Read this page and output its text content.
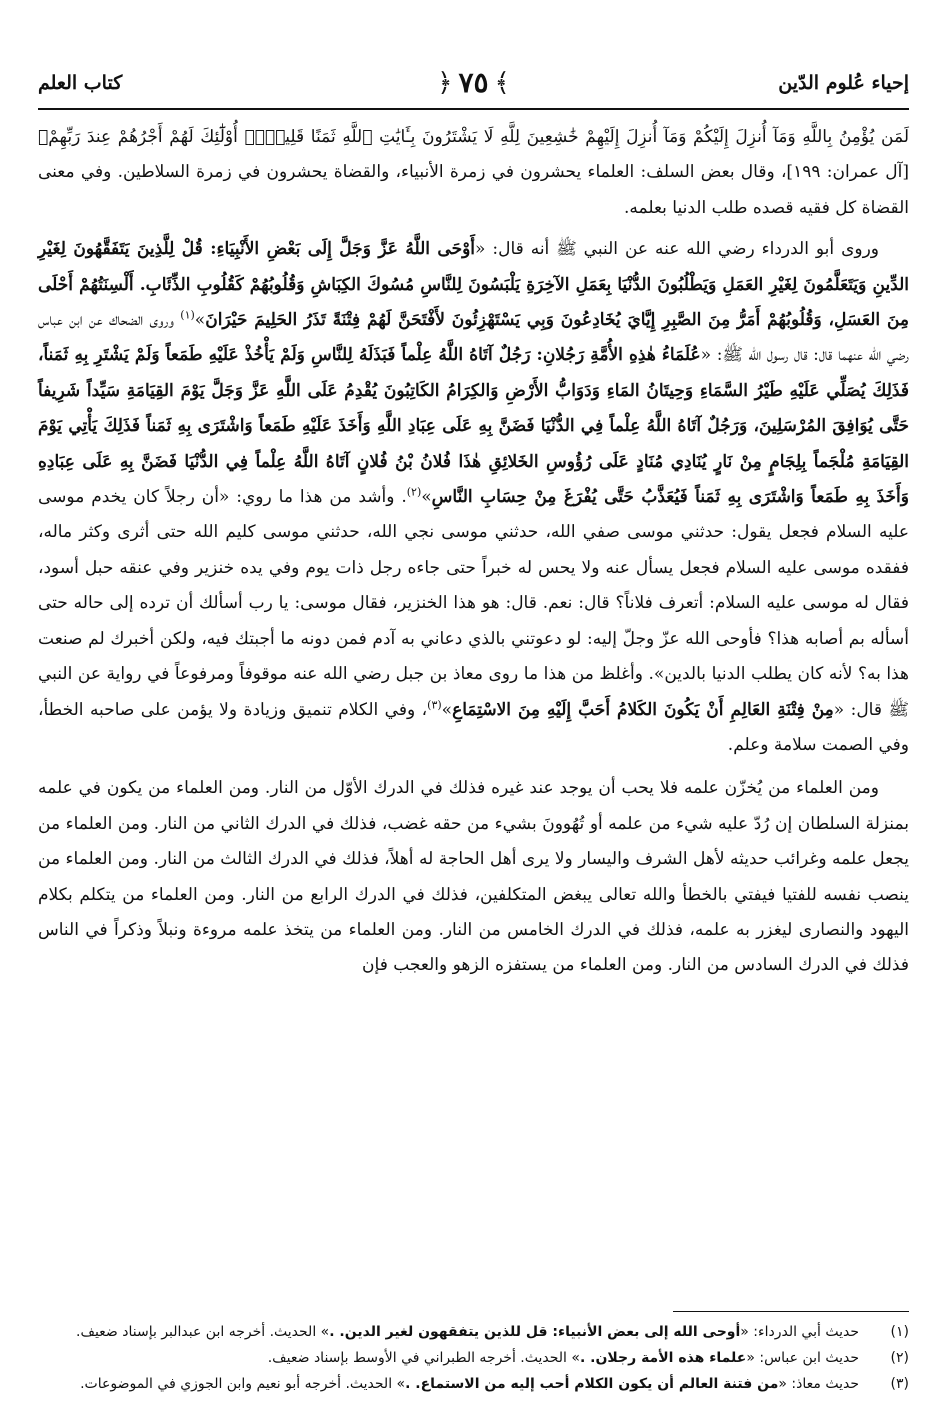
إحياء عُلوم الدّين
﴾
٧٥
﴿
كتاب العلم

لَمَن يُؤْمِنُ بِاللَّهِ وَمَآ أُنزِلَ إِلَيْكُمْ وَمَآ أُنزِلَ إِلَيْهِمْ خَٰشِعِينَ لِلَّهِ لَا يَشْتَرُونَ بِـَٔايَٰتِ ٱللَّهِ ثَمَنًا قَلِيلًاۗ أُوْلَٰٓئِكَ لَهُمْ أَجْرُهُمْ عِندَ رَبِّهِمْ﴾ [آل عمران: ١٩٩]، وقال بعض السلف: العلماء يحشرون في زمرة الأنبياء، والقضاة يحشرون في زمرة السلاطين. وفي معنى القضاة كل فقيه قصده طلب الدنيا بعلمه.

وروى أبو الدرداء رضي الله عنه عن النبي ﷺ أنه قال: «أَوْحَى اللَّهُ عَزَّ وَجَلَّ إِلَى بَعْضِ الأَنْبِيَاءِ: قُلْ لِلَّذِينَ يَتَفَقَّهُونَ لِغَيْرِ الدِّينِ وَيَتَعَلَّمُونَ لِغَيْرِ العَمَلِ وَيَطْلُبُونَ الدُّنْيَا بِعَمَلِ الآخِرَةِ يَلْبَسُونَ لِلنَّاسِ مُسُوكَ الكِبَاشِ وَقُلُوبُهُمْ كَقُلُوبِ الذِّئَابِ. أَلْسِنَتُهُمْ أَحْلَى مِنَ العَسَلِ، وَقُلُوبُهُمْ أَمَرُّ مِنَ الصَّبِرِ إِيَّايَ يُخَادِعُونَ وَبِي يَسْتَهْزِئُونَ لأَفْتَحَنَّ لَهُمْ فِتْنَةً تَذَرُ الحَلِيمَ حَيْرَانَ»$^{(١)}$ وروى الضحاك عن ابن عباس رضي الله عنهما قال: قال رسول الله ﷺ: «عُلَمَاءُ هٰذِهِ الأُمَّةِ رَجُلانِ: رَجُلٌ آتَاهُ اللَّهُ عِلْماً فَبَذَلَهُ لِلنَّاسِ وَلَمْ يَأْخُذْ عَلَيْهِ طَمَعاً وَلَمْ يَشْتَرِ بِهِ ثَمَناً، فَذَلِكَ يُصَلِّي عَلَيْهِ طَيْرُ السَّمَاءِ وَحِيتَانُ المَاءِ وَدَوَابُّ الأَرْضِ وَالكِرَامُ الكَاتِبُونَ يُقْدِمُ عَلَى اللَّهِ عَزَّ وَجَلَّ يَوْمَ القِيَامَةِ سَيِّداً شَرِيفاً حَتَّى يُوَافِقَ المُرْسَلِينَ، وَرَجُلٌ آتَاهُ اللَّهُ عِلْماً فِي الدُّنْيَا فَضَنَّ بِهِ عَلَى عِبَادِ اللَّهِ وَأَخَذَ عَلَيْهِ طَمَعاً وَاشْتَرَى بِهِ ثَمَناً فَذَلِكَ يَأْتِي يَوْمَ القِيَامَةِ مُلْجَماً بِلِجَامٍ مِنْ نَارٍ يُنَادِي مُنَادٍ عَلَى رُؤُوسِ الخَلائِقِ هٰذَا فُلانُ بْنُ فُلانٍ آتَاهُ اللَّهُ عِلْماً فِي الدُّنْيَا فَضَنَّ بِهِ عَلَى عِبَادِهِ وَأَخَذَ بِهِ طَمَعاً وَاشْتَرَى بِهِ ثَمَناً فَيُعَذَّبُ حَتَّى يُفْرَغَ مِنْ حِسَابِ النَّاسِ»$^{(٢)}$. وأشد من هذا ما روي: «أن رجلاً كان يخدم موسى عليه السلام فجعل يقول: حدثني موسى صفي الله، حدثني موسى نجي الله، حدثني موسى كليم الله حتى أثرى وكثر ماله، ففقده موسى عليه السلام فجعل يسأل عنه ولا يحس له خبراً حتى جاءه رجل ذات يوم وفي يده خنزير وفي عنقه حبل أسود، فقال له موسى عليه السلام: أتعرف فلاناً؟ قال: نعم. قال: هو هذا الخنزير، فقال موسى: يا رب أسألك أن ترده إلى حاله حتى أسأله بم أصابه هذا؟ فأوحى الله عزّ وجلّ إليه: لو دعوتني بالذي دعاني به آدم فمن دونه ما أجبتك فيه، ولكن أخبرك لم صنعت هذا به؟ لأنه كان يطلب الدنيا بالدين». وأغلظ من هذا ما روى معاذ بن جبل رضي الله عنه موقوفاً ومرفوعاً في رواية عن النبي ﷺ قال: «مِنْ فِتْنَةِ العَالِمِ أَنْ يَكُونَ الكَلامُ أَحَبَّ إِلَيْهِ مِنَ الاسْتِمَاعِ»$^{(٣)}$، وفي الكلام تنميق وزيادة ولا يؤمن على صاحبه الخطأ، وفي الصمت سلامة وعلم.

ومن العلماء من يُخزّن علمه فلا يحب أن يوجد عند غيره فذلك في الدرك الأوّل من النار. ومن العلماء من يكون في علمه بمنزلة السلطان إن رُدّ عليه شيء من علمه أو تُهُوونَ بشيء من حقه غضب، فذلك في الدرك الثاني من النار. ومن العلماء من يجعل علمه وغرائب حديثه لأهل الشرف واليسار ولا يرى أهل الحاجة له أهلاً، فذلك في الدرك الثالث من النار. ومن العلماء من ينصب نفسه للفتيا فيفتي بالخطأ والله تعالى يبغض المتكلفين، فذلك في الدرك الرابع من النار. ومن العلماء من يتكلم بكلام اليهود والنصارى ليغزر به علمه، فذلك في الدرك الخامس من النار. ومن العلماء من يتخذ علمه مروءة ونبلاً وذكراً في الناس فذلك في الدرك السادس من النار. ومن العلماء من يستفزه الزهو والعجب فإن

(١)
حديث أبي الدرداء: «أوحى الله إلى بعض الأنبياء: قل للذين يتفقهون لغير الدين. .» الحديث. أخرجه ابن عبدالبر بإسناد ضعيف.
(٢)
حديث ابن عباس: «علماء هذه الأمة رجلان. .» الحديث. أخرجه الطبراني في الأوسط بإسناد ضعيف.
(٣)
حديث معاذ: «من فتنة العالم أن يكون الكلام أحب إليه من الاستماع. .» الحديث. أخرجه أبو نعيم وابن الجوزي في الموضوعات.
